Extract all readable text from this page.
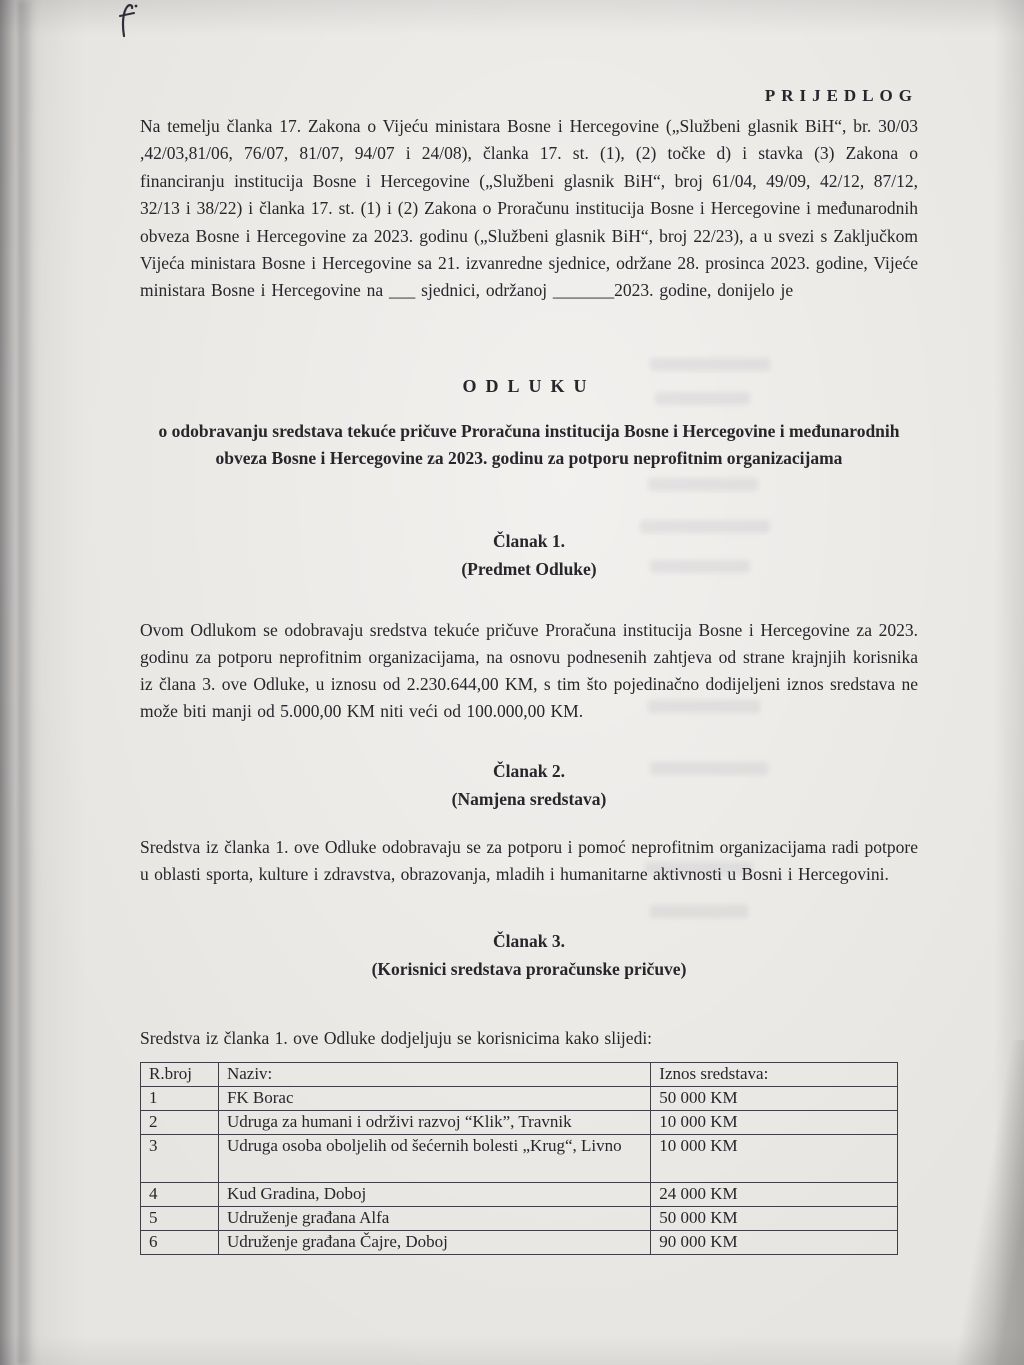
PRIJEDLOG
Na temelju članka 17. Zakona o Vijeću ministara Bosne i Hercegovine („Službeni glasnik BiH“, br. 30/03 ,42/03,81/06, 76/07, 81/07, 94/07 i 24/08), članka 17. st. (1), (2) točke d) i stavka (3) Zakona o financiranju institucija Bosne i Hercegovine („Službeni glasnik BiH“, broj 61/04, 49/09, 42/12, 87/12, 32/13 i 38/22) i članka 17. st. (1) i (2) Zakona o Proračunu institucija Bosne i Hercegovine i međunarodnih obveza Bosne i Hercegovine za 2023. godinu („Službeni glasnik BiH“, broj 22/23), a u svezi s Zaključkom Vijeća ministara Bosne i Hercegovine sa 21. izvanredne sjednice, održane 28. prosinca 2023. godine, Vijeće ministara Bosne i Hercegovine na ___ sjednici, održanoj _______2023. godine, donijelo je
ODLUKU
o odobravanju sredstava tekuće pričuve Proračuna institucija Bosne i Hercegovine i međunarodnih obveza Bosne i Hercegovine za 2023. godinu za potporu neprofitnim organizacijama
Članak 1.
(Predmet Odluke)
Ovom Odlukom se odobravaju sredstva tekuće pričuve Proračuna institucija Bosne i Hercegovine za 2023. godinu za potporu neprofitnim organizacijama, na osnovu podnesenih zahtjeva od strane krajnjih korisnika iz člana 3. ove Odluke, u iznosu od 2.230.644,00 KM, s tim što pojedinačno dodijeljeni iznos sredstava ne može biti manji od 5.000,00 KM niti veći od 100.000,00 KM.
Članak 2.
(Namjena sredstava)
Sredstva iz članka 1. ove Odluke odobravaju se za potporu i pomoć neprofitnim organizacijama radi potpore u oblasti sporta, kulture i zdravstva, obrazovanja, mladih i humanitarne aktivnosti u Bosni i Hercegovini.
Članak 3.
(Korisnici sredstava proračunske pričuve)
Sredstva iz članka 1. ove Odluke dodjeljuju se korisnicima kako slijedi:
R.broj	Naziv:	Iznos sredstava:
1	FK Borac	50 000 KM
2	Udruga za humani i održivi razvoj “Klik”, Travnik	10 000 KM
3	Udruga osoba oboljelih od šećernih bolesti „Krug“, Livno	10 000 KM
4	Kud Gradina, Doboj	24 000 KM
5	Udruženje građana Alfa	50 000 KM
6	Udruženje građana Čajre, Doboj	90 000 KM
